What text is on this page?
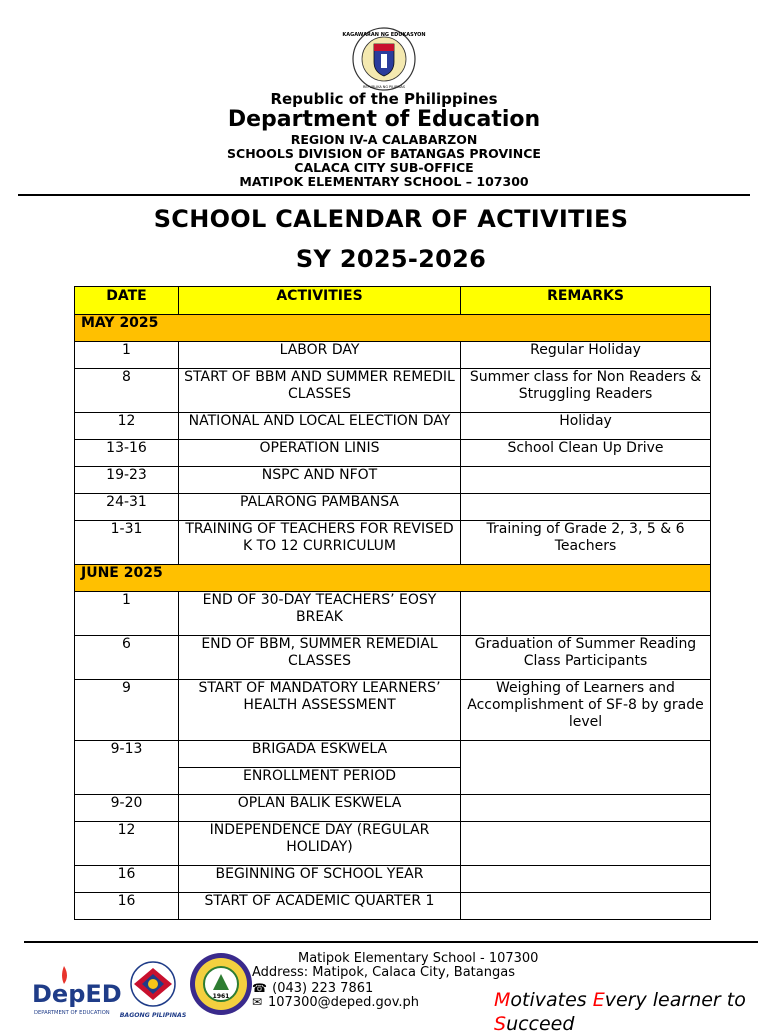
KAGAWARAN NG EDUKASYON
REPUBLIKA NG PILIPINAS
Republic of the Philippines
Department of Education
REGION IV-A CALABARZON
SCHOOLS DIVISION OF BATANGAS PROVINCE
CALACA CITY SUB-OFFICE
MATIPOK ELEMENTARY SCHOOL – 107300
SCHOOL CALENDAR OF ACTIVITIES
SY 2025-2026
DATE	ACTIVITIES	REMARKS
MAY 2025		
1	LABOR DAY	Regular Holiday
8	START OF BBM AND SUMMER REMEDIL CLASSES	Summer class for Non Readers & Struggling Readers
12	NATIONAL AND LOCAL ELECTION DAY	Holiday
13-16	OPERATION LINIS	School Clean Up Drive
19-23	NSPC AND NFOT	
24-31	PALARONG PAMBANSA	
1-31	TRAINING OF TEACHERS FOR REVISED K TO 12 CURRICULUM	Training of Grade 2, 3, 5 & 6 Teachers
JUNE 2025		
1	END OF 30-DAY TEACHERS’ EOSY BREAK	
6	END OF BBM, SUMMER REMEDIAL CLASSES	Graduation of Summer Reading Class Participants
9	START OF MANDATORY LEARNERS’ HEALTH ASSESSMENT	Weighing of Learners and Accomplishment of SF-8 by grade level
9-13	BRIGADA ESKWELA	
	ENROLLMENT PERIOD	
9-20	OPLAN BALIK ESKWELA	
12	INDEPENDENCE DAY (REGULAR HOLIDAY)	
16	BEGINNING OF SCHOOL YEAR	
16	START OF ACADEMIC QUARTER 1	
DepED
DEPARTMENT OF EDUCATION BAGONG PILIPINAS
1961
Matipok Elementary School - 107300
Address: Matipok, Calaca City, Batangas
☎ (043) 223 7861
✉ 107300@deped.gov.ph	Motivates Every learner to
Succeed
